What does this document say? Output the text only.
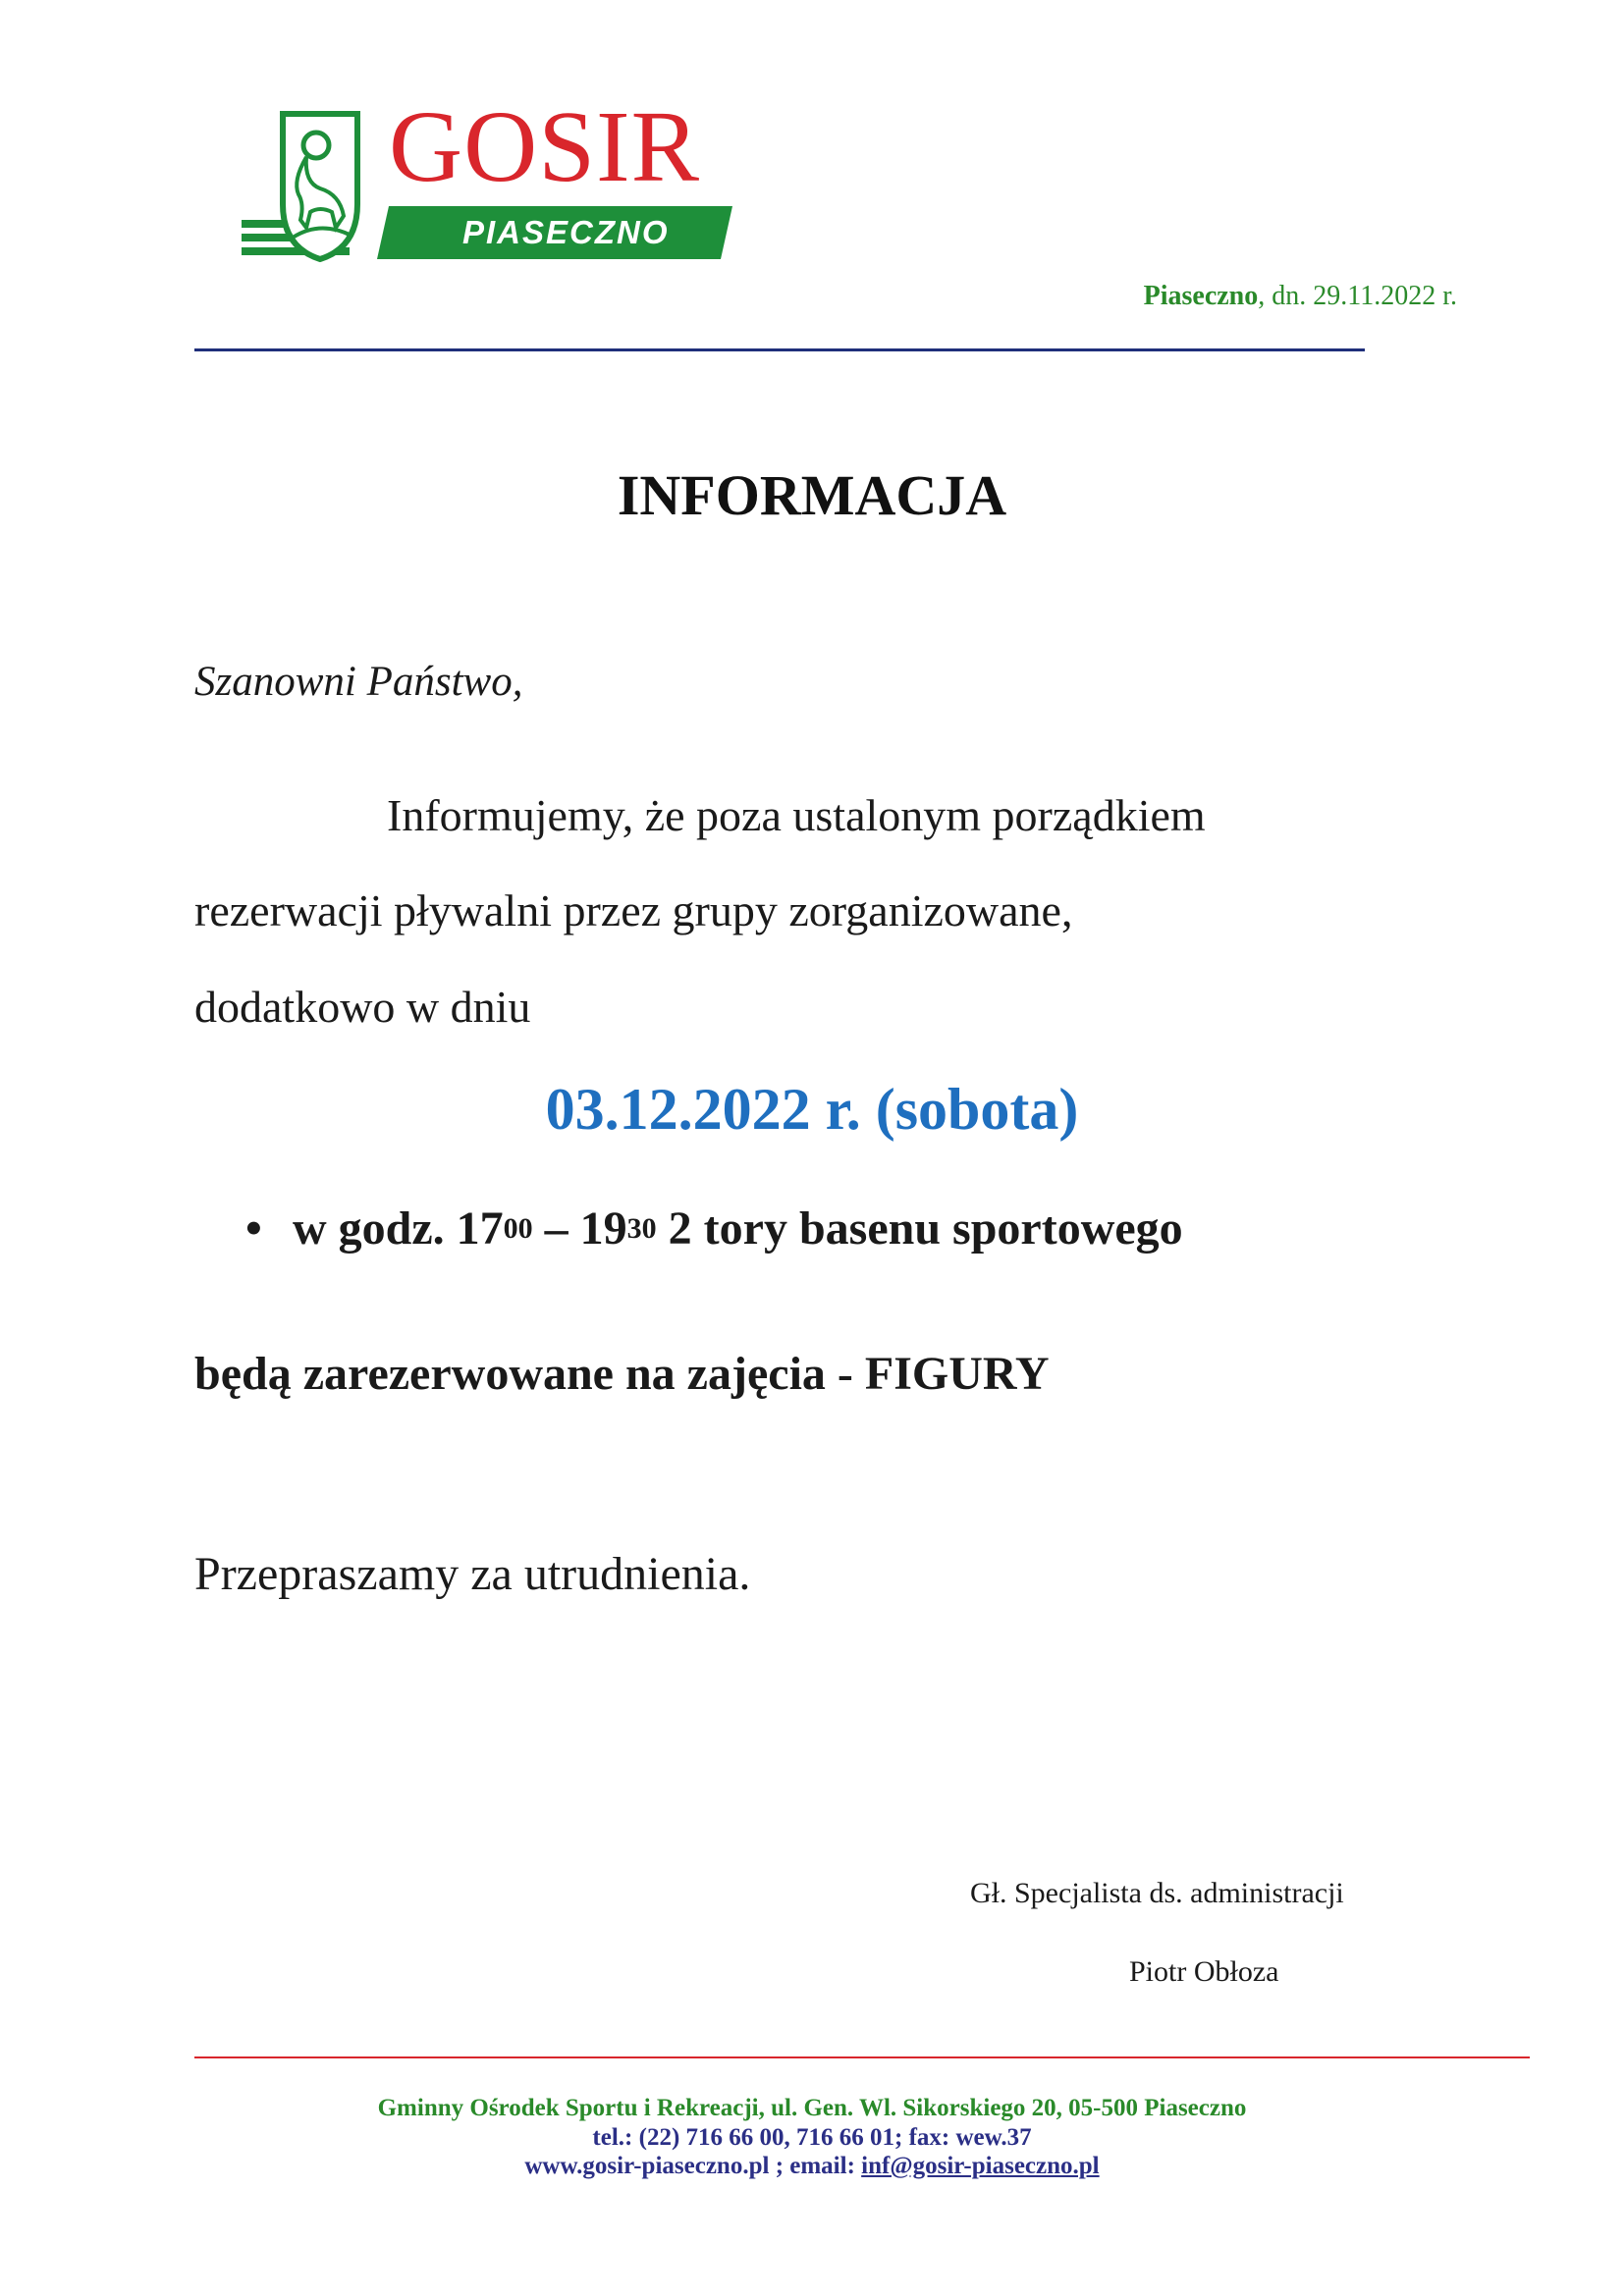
GOSIR
PIASECZNO
Piaseczno, dn. 29.11.2022 r.
INFORMACJA
Szanowni Państwo,
Informujemy, że poza ustalonym porządkiem
rezerwacji pływalni przez grupy zorganizowane,
dodatkowo w dniu
03.12.2022 r. (sobota)
• w godz. $17^{00} - 19^{30}$ 2 tory basenu sportowego
będą zarezerwowane na zajęcia - FIGURY
Przepraszamy za utrudnienia.
Gł. Specjalista ds. administracji
Piotr Obłoza
Gminny Ośrodek Sportu i Rekreacji, ul. Gen. Wl. Sikorskiego 20, 05-500 Piaseczno
tel.: (22) 716 66 00, 716 66 01; fax: wew.37
www.gosir-piaseczno.pl ; email: inf@gosir-piaseczno.pl
